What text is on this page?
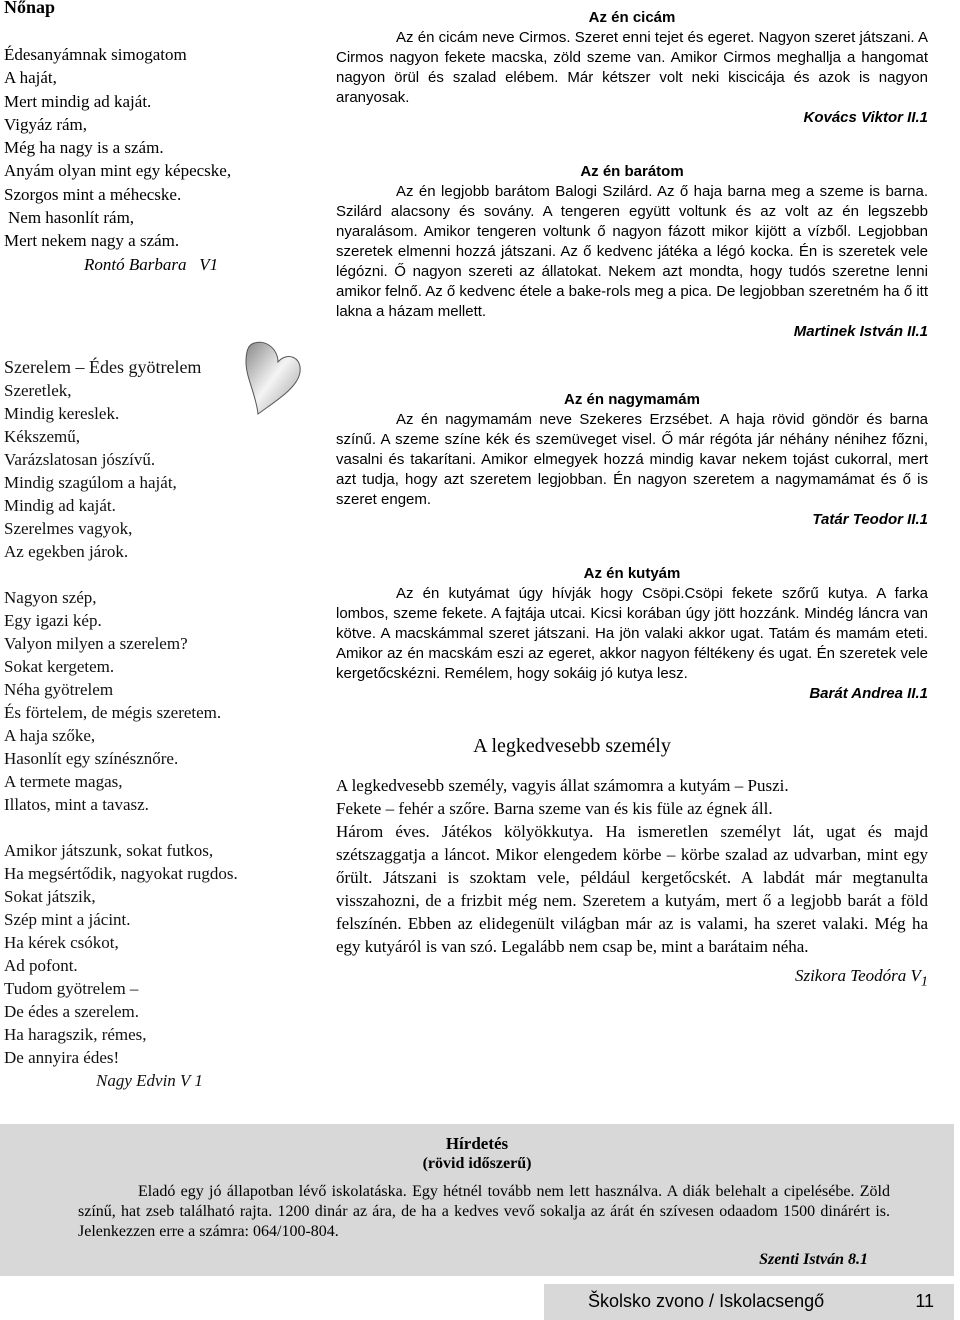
Nőnap
Édesanyámnak simogatom
A haját,
Mert mindig ad kaját.
Vigyáz rám,
Még ha nagy is a szám.
Anyám olyan mint egy képecske,
Szorgos mint a méhecske.
Nem hasonlít rám,
Mert nekem nagy a szám.
Rontó Barbara   V1
Szerelem – Édes gyötrelem
Szeretlek,
Mindig kereslek.
Kékszemű,
Varázslatosan jószívű.
Mindig szagúlom a haját,
Mindig ad kaját.
Szerelmes vagyok,
Az egekben járok.
Nagyon szép,
Egy igazi kép.
Valyon milyen a szerelem?
Sokat kergetem.
Néha gyötrelem
És förtelem, de mégis szeretem.
A haja szőke,
Hasonlít egy színésznőre.
A termete magas,
Illatos, mint a tavasz.
Amikor játszunk, sokat futkos,
Ha megsértődik, nagyokat rugdos.
Sokat játszik,
Szép mint a jácint.
Ha kérek csókot,
Ad pofont.
Tudom gyötrelem –
De édes a szerelem.
Ha haragszik, rémes,
De annyira édes!
Nagy Edvin V 1
Az én cicám
Az én cicám neve Cirmos. Szeret enni tejet és egeret. Nagyon szeret játszani. A Cirmos nagyon fekete macska, zöld szeme van. Amikor Cirmos meghallja a hangomat nagyon örül és szalad elébem. Már kétszer volt neki kiscicája és azok is nagyon aranyosak.
Kovács Viktor II.1
Az én barátom
Az én legjobb barátom Balogi Szilárd. Az ő haja barna meg a szeme is barna. Szilárd alacsony és sovány. A tengeren együtt voltunk és az volt az én legszebb nyaralásom. Amikor tengeren voltunk ő nagyon fázott mikor kijött a vízből. Legjobban szeretek elmenni hozzá játszani. Az ő kedvenc játéka a légó kocka. Én is szeretek vele légózni. Ő nagyon szereti az állatokat. Nekem azt mondta, hogy tudós szeretne lenni amikor felnő. Az ő kedvenc étele a bake-rols meg a pica. De legjobban szeretném ha ő itt lakna a házam mellett.
Martinek István II.1
Az én nagymamám
Az én nagymamám neve Szekeres Erzsébet. A haja rövid göndör és barna színű. A szeme színe kék és szemüveget visel. Ő már régóta jár néhány nénihez főzni, vasalni és takarítani. Amikor elmegyek hozzá mindig kavar nekem tojást cukorral, mert azt tudja, hogy azt szeretem legjobban. Én nagyon szeretem a nagymamámat és ő is szeret engem.
Tatár Teodor II.1
Az én kutyám
Az én kutyámat úgy hívják hogy Csöpi.Csöpi fekete szőrű kutya. A farka lombos, szeme fekete. A fajtája utcai. Kicsi korában úgy jött hozzánk. Mindég láncra van kötve. A macskámmal szeret játszani. Ha jön valaki akkor ugat. Tatám és mamám eteti. Amikor az én macskám eszi az egeret, akkor nagyon féltékeny és ugat. Én szeretek vele kergetőcskézni. Remélem, hogy sokáig jó kutya lesz.
Barát Andrea II.1
A legkedvesebb személy
A legkedvesebb személy, vagyis állat számomra a kutyám – Puszi.
Fekete – fehér a szőre. Barna szeme van és kis füle az égnek áll.
Három éves. Játékos kölyökkutya. Ha ismeretlen személyt lát, ugat és majd szétszaggatja a láncot. Mikor elengedem körbe – körbe szalad az udvarban, mint egy őrült. Játszani is szoktam vele, például kergetőcskét. A labdát már megtanulta visszahozni, de a frizbit még nem. Szeretem a kutyám, mert ő a legjobb barát a föld felszínén. Ebben az elidegenült világban már az is valami, ha szeret valaki. Még ha egy kutyáról is van szó. Legalább nem csap be, mint a barátaim néha.
Szikora Teodóra $V_1$
Hírdetés
(rövid időszerű)
Eladó egy jó állapotban lévő iskolatáska. Egy hétnél tovább nem lett használva. A diák belehalt a cipelésébe. Zöld színű, hat zseb található rajta. 1200 dinár az ára, de ha a kedves vevő sokalja az árát én szívesen odaadom 1500 dinárért is. Jelenkezzen erre a számra: 064/100-804.
Szenti István 8.1
Školsko zvono / Iskolacsengő	11
